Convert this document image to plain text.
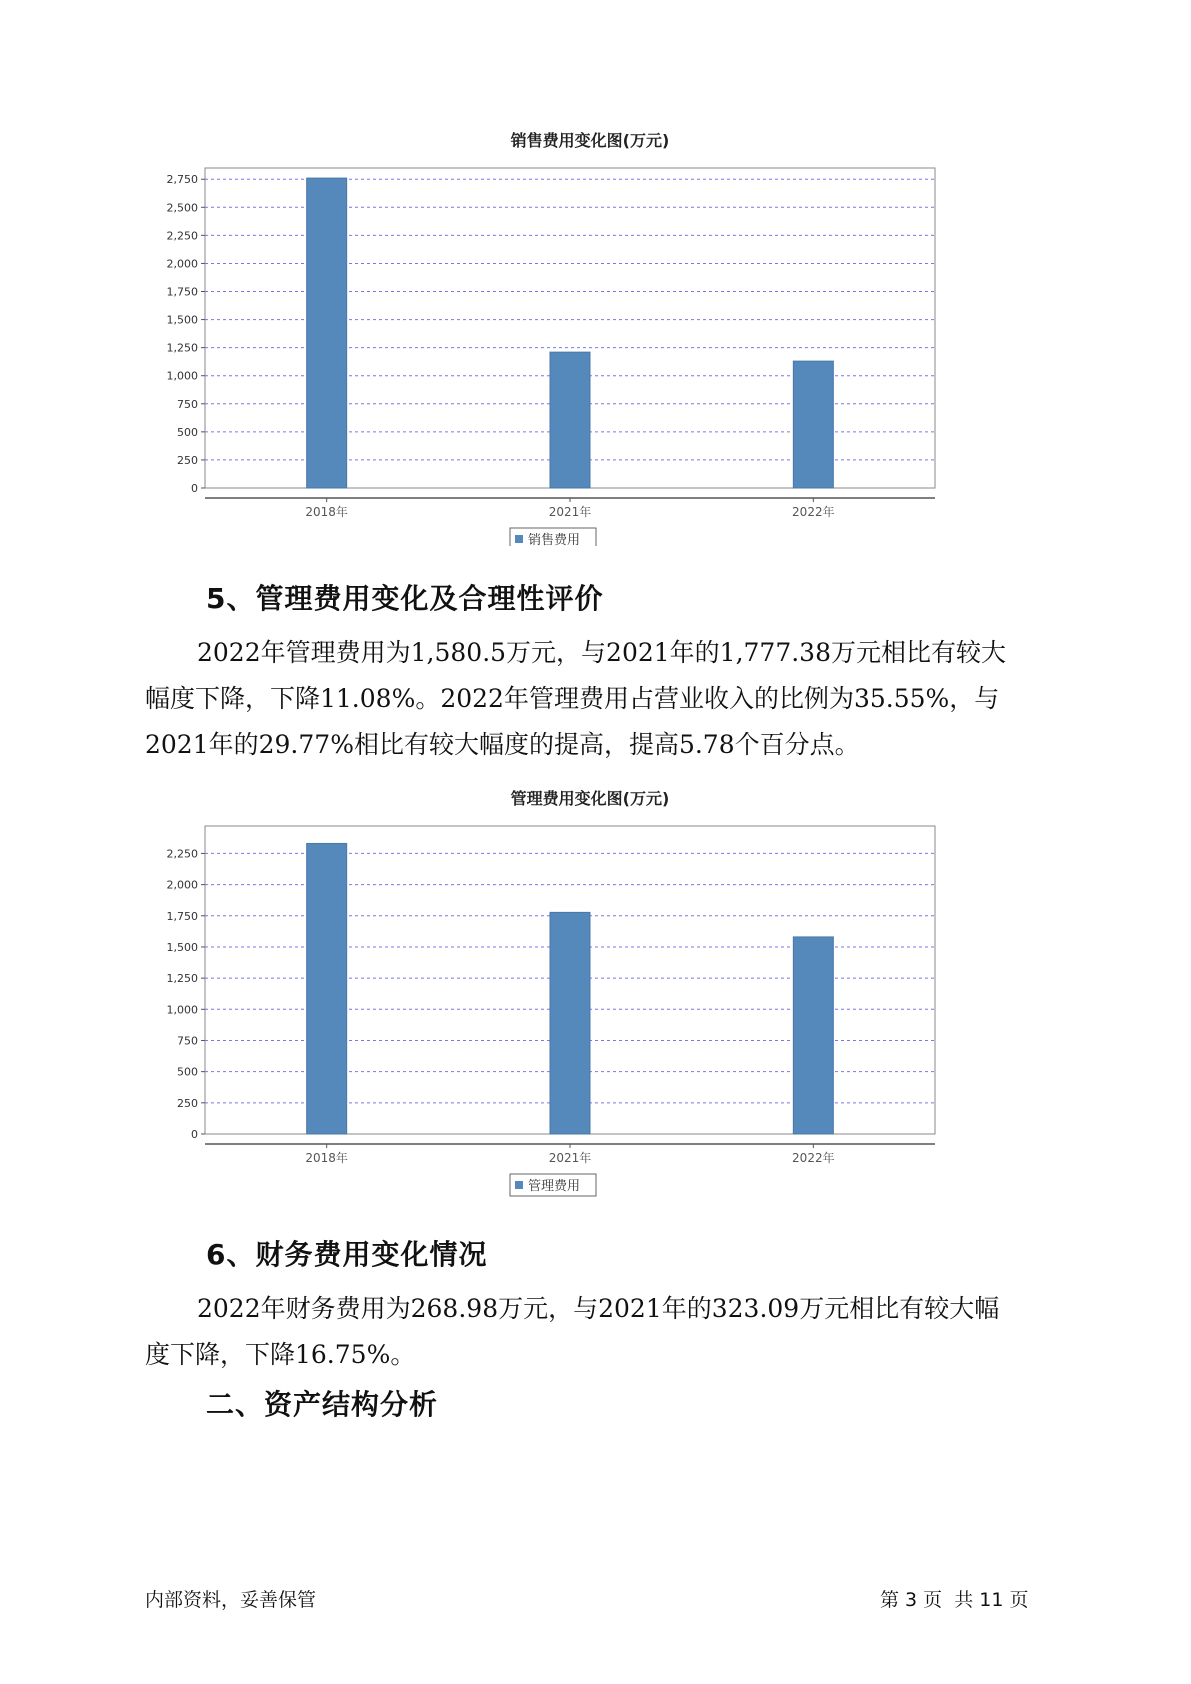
销售费用变化图(万元)
0
250
500
750
1,000
1,250
1,500
1,750
2,000
2,250
2,500
2,750
2018年	2021年	2022年
销售费用
5、管理费用变化及合理性评价

2022年管理费用为1,580.5万元，与2021年的1,777.38万元相比有较大
幅度下降，下降11.08%。2022年管理费用占营业收入的比例为35.55%，与
2021年的29.77%相比有较大幅度的提高，提高5.78个百分点。

管理费用变化图(万元)
0
250
500
750
1,000
1,250
1,500
1,750
2,000
2,250
2018年	2021年	2022年
管理费用
6、财务费用变化情况

2022年财务费用为268.98万元，与2021年的323.09万元相比有较大幅
度下降，下降16.75%。

二、资产结构分析
内部资料，妥善保管	第 3 页  共 11 页
